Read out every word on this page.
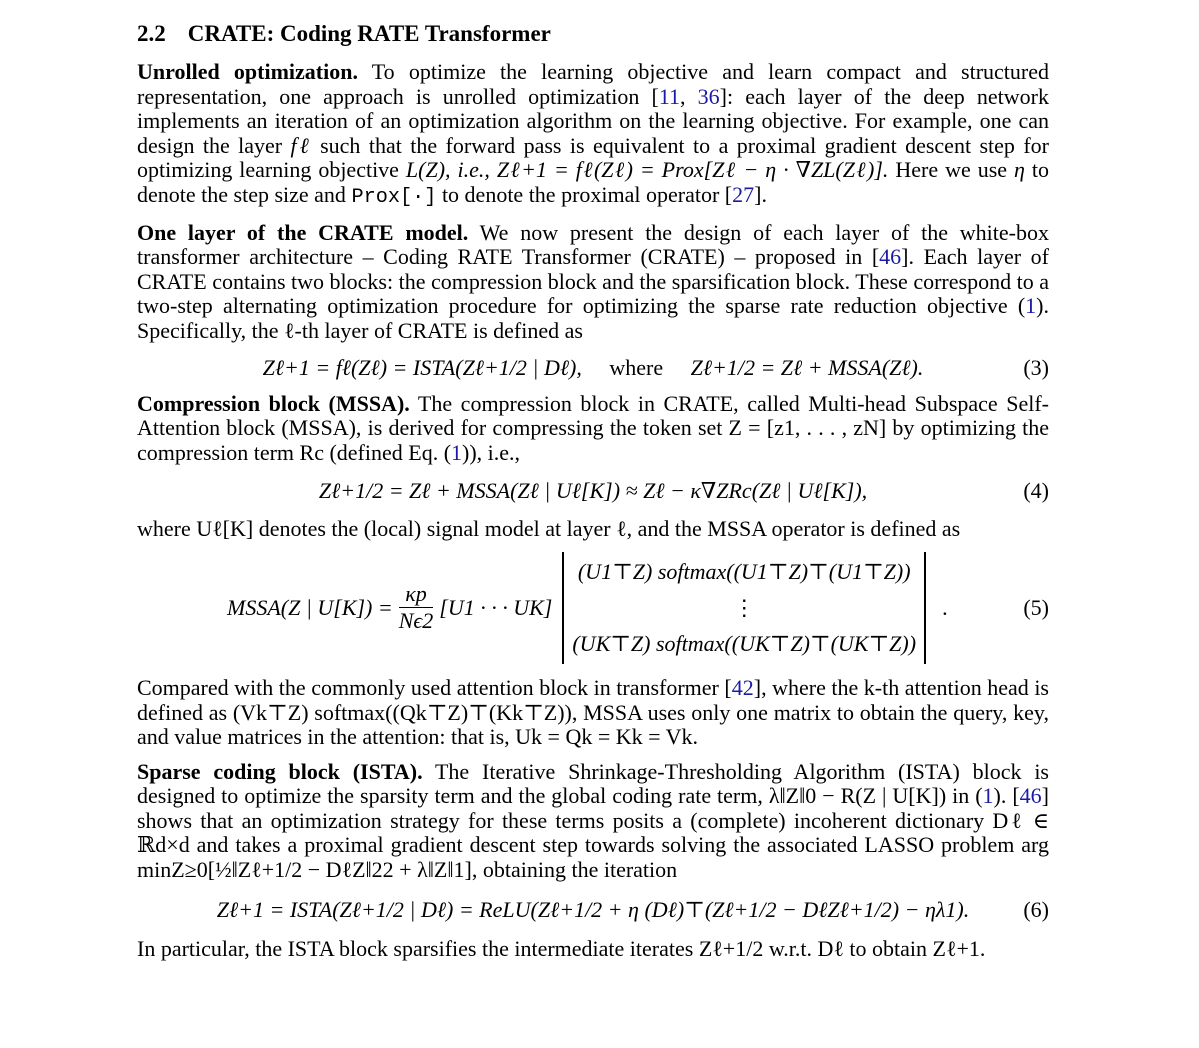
2.2 CRATE: Coding RATE Transformer

Unrolled optimization. To optimize the learning objective and learn compact and structured representation, one approach is unrolled optimization [11, 36]: each layer of the deep network implements an iteration of an optimization algorithm on the learning objective. For example, one can design the layer fℓ such that the forward pass is equivalent to a proximal gradient descent step for optimizing learning objective L(Z), i.e., Zℓ+1 = fℓ(Zℓ) = Prox[Zℓ − η · ∇ZL(Zℓ)]. Here we use η to denote the step size and Prox[·] to denote the proximal operator [27].

One layer of the CRATE model. We now present the design of each layer of the white-box transformer architecture – Coding RATE Transformer (CRATE) – proposed in [46]. Each layer of CRATE contains two blocks: the compression block and the sparsification block. These correspond to a two-step alternating optimization procedure for optimizing the sparse rate reduction objective (1). Specifically, the ℓ-th layer of CRATE is defined as

Zℓ+1 = fℓ(Zℓ) = ISTA(Zℓ+1/2 | Dℓ), where Zℓ+1/2 = Zℓ + MSSA(Zℓ).	(3)

Compression block (MSSA). The compression block in CRATE, called Multi-head Subspace Self-Attention block (MSSA), is derived for compressing the token set Z = [z1, . . . , zN] by optimizing the compression term Rc (defined Eq. (1)), i.e.,

Zℓ+1/2 = Zℓ + MSSA(Zℓ | Uℓ[K]) ≈ Zℓ − κ∇ZRc(Zℓ | Uℓ[K]),	(4)

where Uℓ[K] denotes the (local) signal model at layer ℓ, and the MSSA operator is defined as

MSSA(Z | $U[K]) = \frac{\kappa p}{N\epsilon 2} [U1$ · · · UK]
(U1⊤Z) softmax((U1⊤Z)⊤(U1⊤Z))
⋮
(UK⊤Z) softmax((UK⊤Z)⊤(UK⊤Z))
.	(5)

Compared with the commonly used attention block in transformer [42], where the k-th attention head is defined as (Vk⊤Z) softmax((Qk⊤Z)⊤(Kk⊤Z)), MSSA uses only one matrix to obtain the query, key, and value matrices in the attention: that is, Uk = Qk = Kk = Vk.

Sparse coding block (ISTA). The Iterative Shrinkage-Thresholding Algorithm (ISTA) block is designed to optimize the sparsity term and the global coding rate term, λ‖Z‖0 − R(Z | U[K]) in (1). [46] shows that an optimization strategy for these terms posits a (complete) incoherent dictionary Dℓ ∈ ℝd×d and takes a proximal gradient descent step towards solving the associated LASSO problem arg minZ≥0[½‖Zℓ+1/2 − DℓZ‖22 + λ‖Z‖1], obtaining the iteration

Zℓ+1 = ISTA(Zℓ+1/2 | Dℓ) = ReLU(Zℓ+1/2 + η (Dℓ)⊤(Zℓ+1/2 − DℓZℓ+1/2) − ηλ1). (6)

In particular, the ISTA block sparsifies the intermediate iterates Zℓ+1/2 w.r.t. Dℓ to obtain Zℓ+1.
